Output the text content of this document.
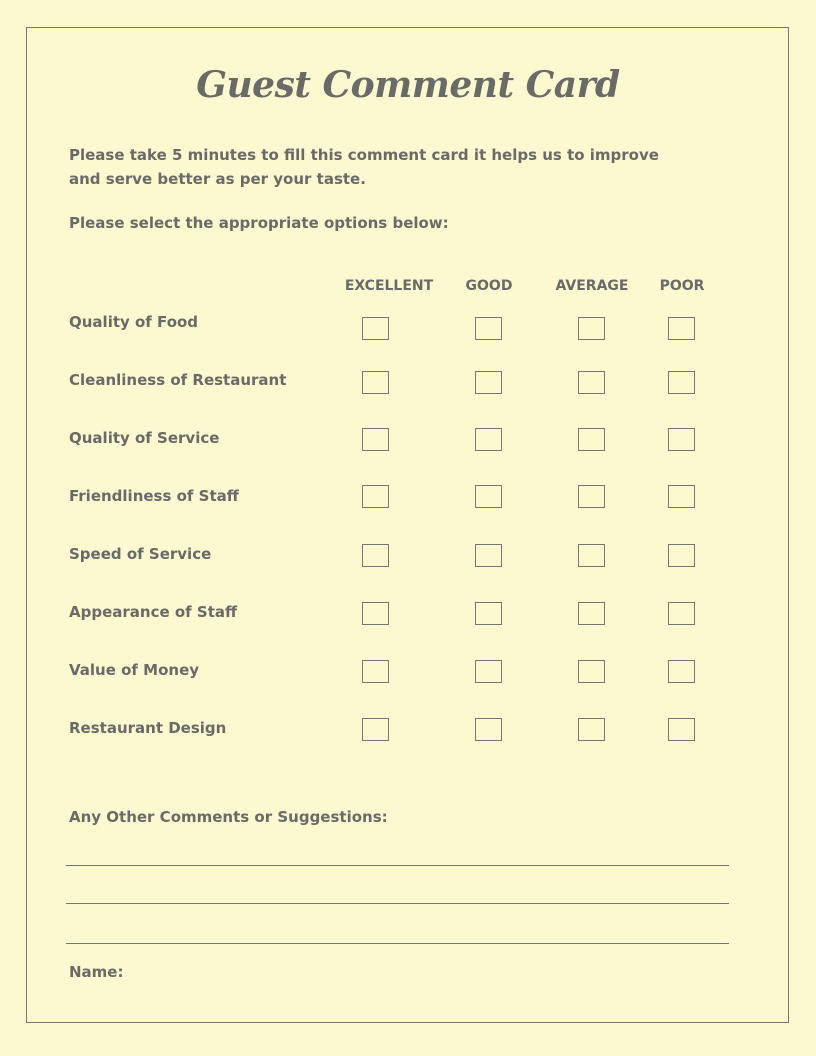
Guest Comment Card
Please take 5 minutes to fill this comment card it helps us to improve
and serve better as per your taste.
Please select the appropriate options below:
EXCELLENT GOOD	AVERAGE POOR
Quality of Food
Cleanliness of Restaurant
Quality of Service
Friendliness of Staff
Speed of Service
Appearance of Staff
Value of Money
Restaurant Design
Any Other Comments or Suggestions:
Name:
